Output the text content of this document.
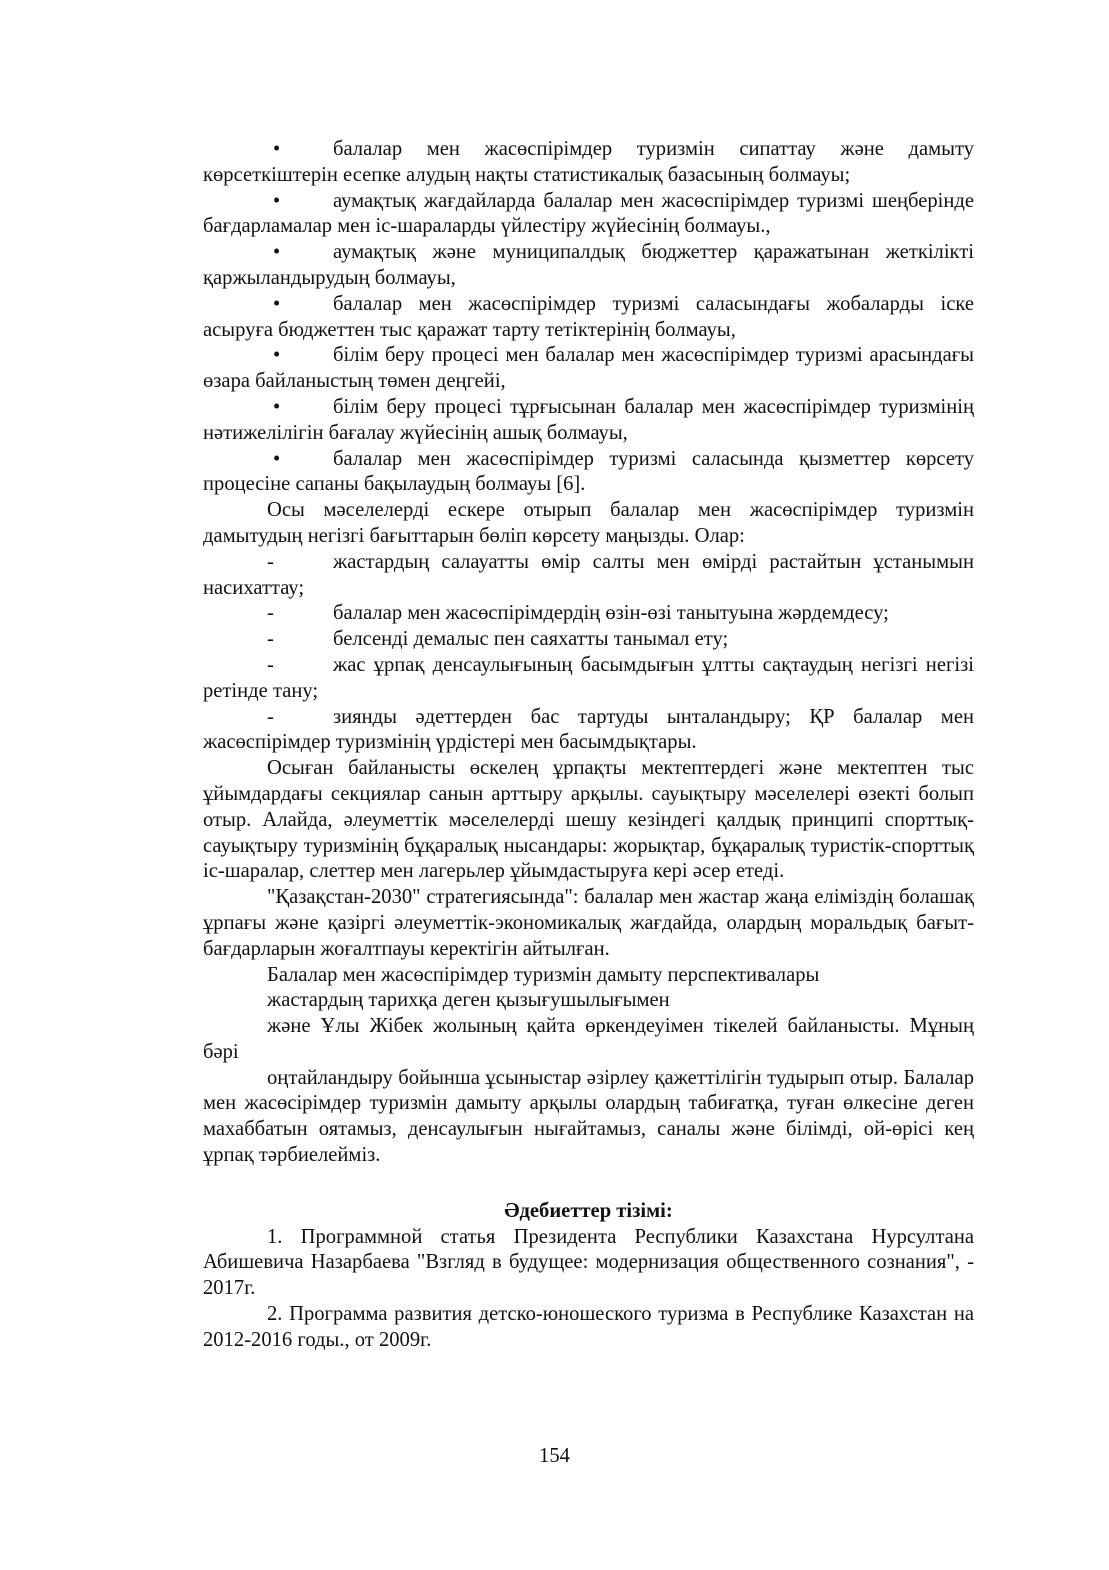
•	балалар мен жасөспірімдер туризмін сипаттау және дамыту көрсеткіштерін есепке алудың нақты статистикалық базасының болмауы;

•	аумақтық жағдайларда балалар мен жасөспірімдер туризмі шеңберінде бағдарламалар мен іс-шараларды үйлестіру жүйесінің болмауы.,

•	аумақтық және муниципалдық бюджеттер қаражатынан жеткілікті қаржыландырудың болмауы,

•	балалар мен жасөспірімдер туризмі саласындағы жобаларды іске асыруға бюджеттен тыс қаражат тарту тетіктерінің болмауы,

•	білім беру процесі мен балалар мен жасөспірімдер туризмі арасындағы өзара байланыстың төмен деңгейі,

•	білім беру процесі тұрғысынан балалар мен жасөспірімдер туризмінің нәтижелілігін бағалау жүйесінің ашық болмауы,

•	балалар мен жасөспірімдер туризмі саласында қызметтер көрсету процесіне сапаны бақылаудың болмауы [6].

Осы мәселелерді ескере отырып балалар мен жасөспірімдер туризмін дамытудың негізгі бағыттарын бөліп көрсету маңызды. Олар:

-	жастардың салауатты өмір салты мен өмірді растайтын ұстанымын насихаттау;

-	балалар мен жасөспірімдердің өзін-өзі танытуына жәрдемдесу;

-	белсенді демалыс пен саяхатты танымал ету;

-	жас ұрпақ денсаулығының басымдығын ұлтты сақтаудың негізгі негізі ретінде тану;

-	зиянды әдеттерден бас тартуды ынталандыру; ҚР балалар мен жасөспірімдер туризмінің үрдістері мен басымдықтары.

Осыған байланысты өскелең ұрпақты мектептердегі және мектептен тыс ұйымдардағы секциялар санын арттыру арқылы. сауықтыру мәселелері өзекті болып отыр. Алайда, әлеуметтік мәселелерді шешу кезіндегі қалдық принципі спорттық-сауықтыру туризмінің бұқаралық нысандары: жорықтар, бұқаралық туристік-спорттық іс-шаралар, слеттер мен лагерьлер ұйымдастыруға кері әсер етеді.

"Қазақстан-2030" стратегиясында": балалар мен жастар жаңа еліміздің болашақ ұрпағы және қазіргі әлеуметтік-экономикалық жағдайда, олардың моральдық бағыт-бағдарларын жоғалтпауы керектігін айтылған.

Балалар мен жасөспірімдер туризмін дамыту перспективалары

жастардың тарихқа деген қызығушылығымен

және Ұлы Жібек жолының қайта өркендеуімен тікелей байланысты. Мұның бәрі

оңтайландыру бойынша ұсыныстар әзірлеу қажеттілігін тудырып отыр. Балалар мен жасөсірімдер туризмін дамыту арқылы олардың табиғатқа, туған өлкесіне деген махаббатын оятамыз, денсаулығын нығайтамыз, саналы және білімді, ой-өрісі кең ұрпақ тәрбиелейміз.

Әдебиеттер тізімі:

1. Программной статья Президента Республики Казахстана Нурсултана Абишевича Назарбаева "Взгляд в будущее: модернизация общественного сознания", - 2017г.

2. Программа развития детско-юношеского туризма в Республике Казахстан на 2012-2016 годы., от 2009г.

154
